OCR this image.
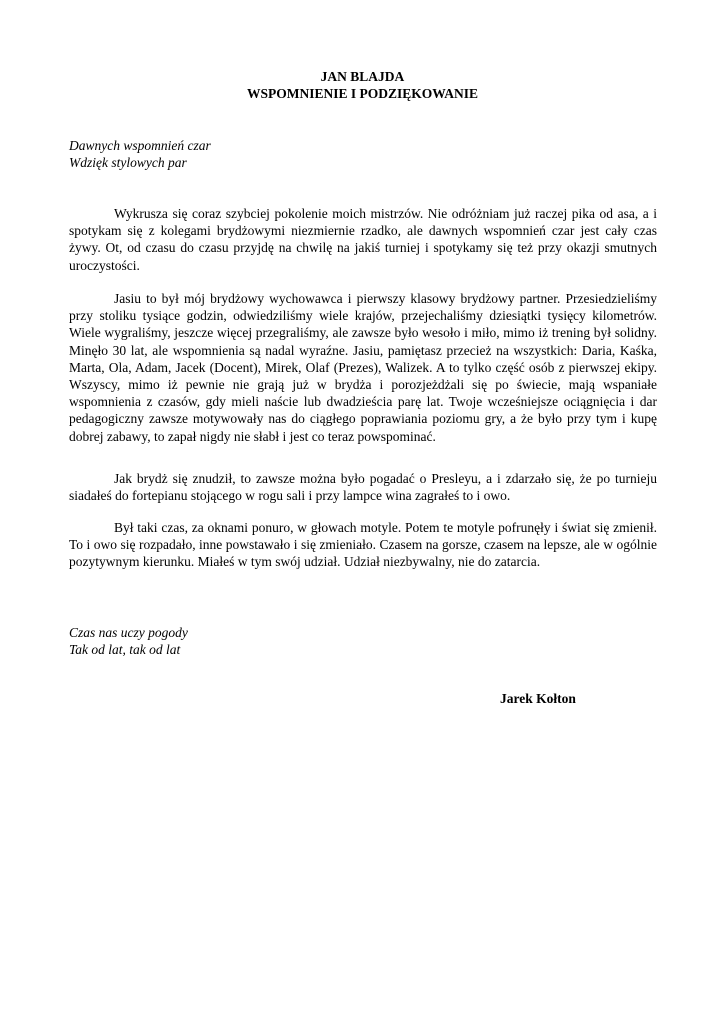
JAN BLAJDA
WSPOMNIENIE I PODZIĘKOWANIE
Dawnych wspomnień czar
Wdzięk stylowych par

Wykrusza się coraz szybciej pokolenie moich mistrzów. Nie odróżniam już raczej pika od asa, a i spotykam się z kolegami brydżowymi niezmiernie rzadko, ale dawnych wspomnień czar jest cały czas żywy. Ot, od czasu do czasu przyjdę na chwilę na jakiś turniej i spotykamy się też przy okazji smutnych uroczystości.

Jasiu to był mój brydżowy wychowawca i pierwszy klasowy brydżowy partner. Przesiedzieliśmy przy stoliku tysiące godzin, odwiedziliśmy wiele krajów, przejechaliśmy dziesiątki tysięcy kilometrów. Wiele wygraliśmy, jeszcze więcej przegraliśmy, ale zawsze było wesoło i miło, mimo iż trening był solidny. Minęło 30 lat, ale wspomnienia są nadal wyraźne. Jasiu, pamiętasz przecież na wszystkich: Daria, Kaśka, Marta, Ola, Adam, Jacek (Docent), Mirek, Olaf (Prezes), Walizek. A to tylko część osób z pierwszej ekipy. Wszyscy, mimo iż pewnie nie grają już w brydża i porozjeżdżali się po świecie, mają wspaniałe wspomnienia z czasów, gdy mieli naście lub dwadzieścia parę lat. Twoje wcześniejsze ociągnięcia i dar pedagogiczny zawsze motywowały nas do ciągłego poprawiania poziomu gry, a że było przy tym i kupę dobrej zabawy, to zapał nigdy nie słabł i jest co teraz powspominać.

Jak brydż się znudził, to zawsze można było pogadać o Presleyu, a i zdarzało się, że po turnieju siadałeś do fortepianu stojącego w rogu sali i przy lampce wina zagrałeś to i owo.

Był taki czas, za oknami ponuro, w głowach motyle. Potem te motyle pofrunęły i świat się zmienił. To i owo się rozpadało, inne powstawało i się zmieniało. Czasem na gorsze, czasem na lepsze, ale w ogólnie pozytywnym kierunku. Miałeś w tym swój udział. Udział niezbywalny, nie do zatarcia.

Czas nas uczy pogody
Tak od lat, tak od lat
Jarek Kołton
